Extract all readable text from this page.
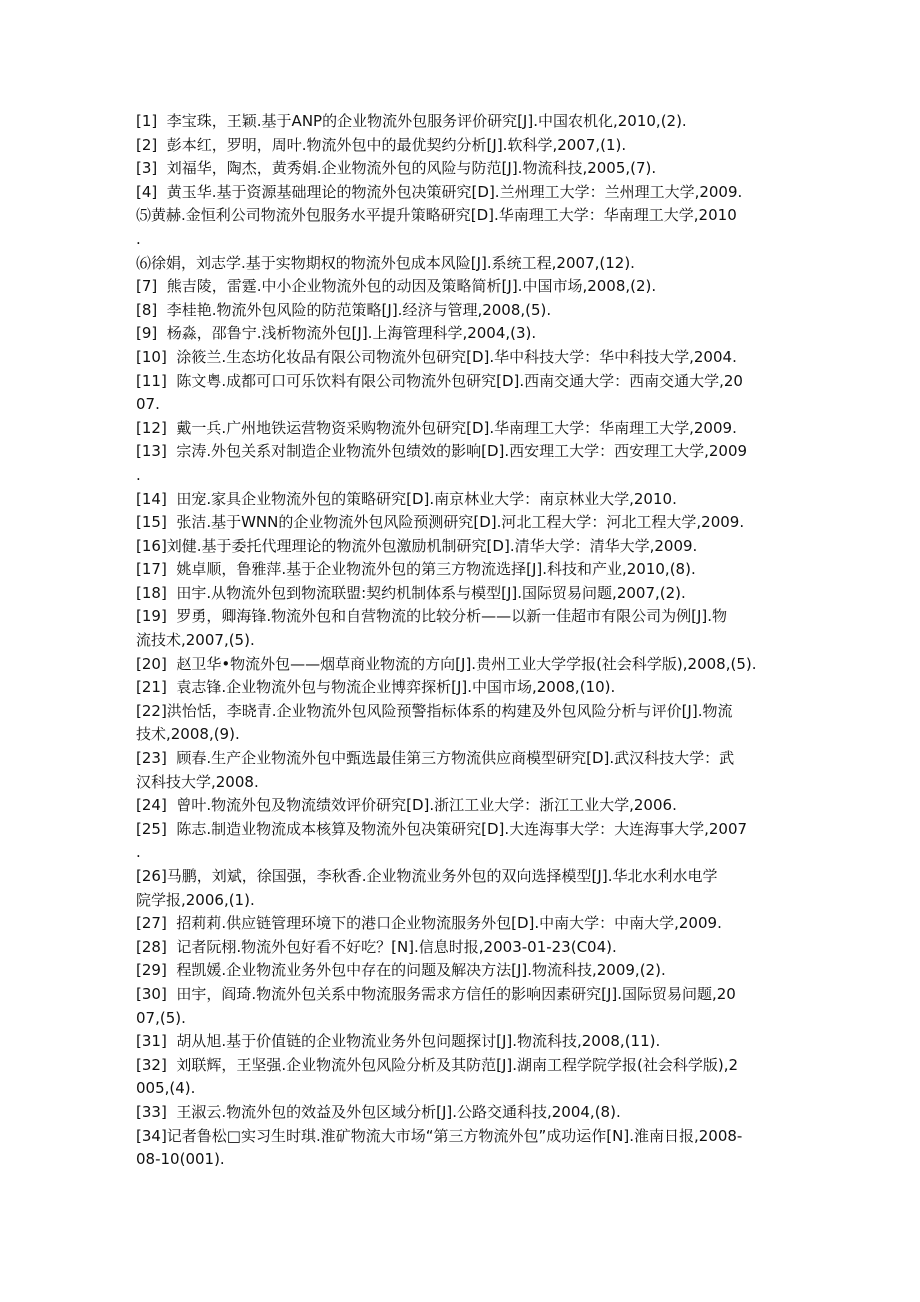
[1]  李宝珠，王颖.基于ANP的企业物流外包服务评价研究[J].中国农机化,2010,(2).
[2]  彭本红，罗明，周叶.物流外包中的最优契约分析[J].软科学,2007,(1).
[3]  刘福华，陶杰，黄秀娟.企业物流外包的风险与防范[J].物流科技,2005,(7).
[4]  黄玉华.基于资源基础理论的物流外包决策研究[D].兰州理工大学：兰州理工大学,2009.
⑸黄赫.金恒利公司物流外包服务水平提升策略研究[D].华南理工大学：华南理工大学,2010
.
⑹徐娟，刘志学.基于实物期权的物流外包成本风险[J].系统工程,2007,(12).
[7]  熊吉陵，雷霆.中小企业物流外包的动因及策略简析[J].中国市场,2008,(2).
[8]  李桂艳.物流外包风险的防范策略[J].经济与管理,2008,(5).
[9]  杨淼，邵鲁宁.浅析物流外包[J].上海管理科学,2004,(3).
[10]  涂筱兰.生态坊化妆品有限公司物流外包研究[D].华中科技大学：华中科技大学,2004.
[11]  陈文粤.成都可口可乐饮料有限公司物流外包研究[D].西南交通大学：西南交通大学,20
07.
[12]  戴一兵.广州地铁运营物资采购物流外包研究[D].华南理工大学：华南理工大学,2009.
[13]  宗涛.外包关系对制造企业物流外包绩效的影响[D].西安理工大学：西安理工大学,2009
.
[14]  田宠.家具企业物流外包的策略研究[D].南京林业大学：南京林业大学,2010.
[15]  张洁.基于WNN的企业物流外包风险预测研究[D].河北工程大学：河北工程大学,2009.
[16]刘健.基于委托代理理论的物流外包激励机制研究[D].清华大学：清华大学,2009.
[17]  姚卓顺，鲁雅萍.基于企业物流外包的第三方物流选择[J].科技和产业,2010,(8).
[18]  田宇.从物流外包到物流联盟:契约机制体系与模型[J].国际贸易问题,2007,(2).
[19]  罗勇，卿海锋.物流外包和自营物流的比较分析——以新一佳超市有限公司为例[J].物
流技术,2007,(5).
[20]  赵卫华•物流外包——烟草商业物流的方向[J].贵州工业大学学报(社会科学版),2008,(5).
[21]  袁志锋.企业物流外包与物流企业博弈探析[J].中国市场,2008,(10).
[22]洪怡恬，李晓青.企业物流外包风险预警指标体系的构建及外包风险分析与评价[J].物流
技术,2008,(9).
[23]  顾春.生产企业物流外包中甄选最佳第三方物流供应商模型研究[D].武汉科技大学：武
汉科技大学,2008.
[24]  曾叶.物流外包及物流绩效评价研究[D].浙江工业大学：浙江工业大学,2006.
[25]  陈志.制造业物流成本核算及物流外包决策研究[D].大连海事大学：大连海事大学,2007
.
[26]马鹏，刘斌，徐国强，李秋香.企业物流业务外包的双向选择模型[J].华北水利水电学
院学报,2006,(1).
[27]  招莉莉.供应链管理环境下的港口企业物流服务外包[D].中南大学：中南大学,2009.
[28]  记者阮栩.物流外包好看不好吃？[N].信息时报,2003-01-23(C04).
[29]  程凯媛.企业物流业务外包中存在的问题及解决方法[J].物流科技,2009,(2).
[30]  田宇，阎琦.物流外包关系中物流服务需求方信任的影响因素研究[J].国际贸易问题,20
07,(5).
[31]  胡从旭.基于价值链的企业物流业务外包问题探讨[J].物流科技,2008,(11).
[32]  刘联辉，王坚强.企业物流外包风险分析及其防范[J].湖南工程学院学报(社会科学版),2
005,(4).
[33]  王淑云.物流外包的效益及外包区域分析[J].公路交通科技,2004,(8).
[34]记者鲁松□实习生时琪.淮矿物流大市场“第三方物流外包”成功运作[N].淮南日报,2008-
08-10(001).
